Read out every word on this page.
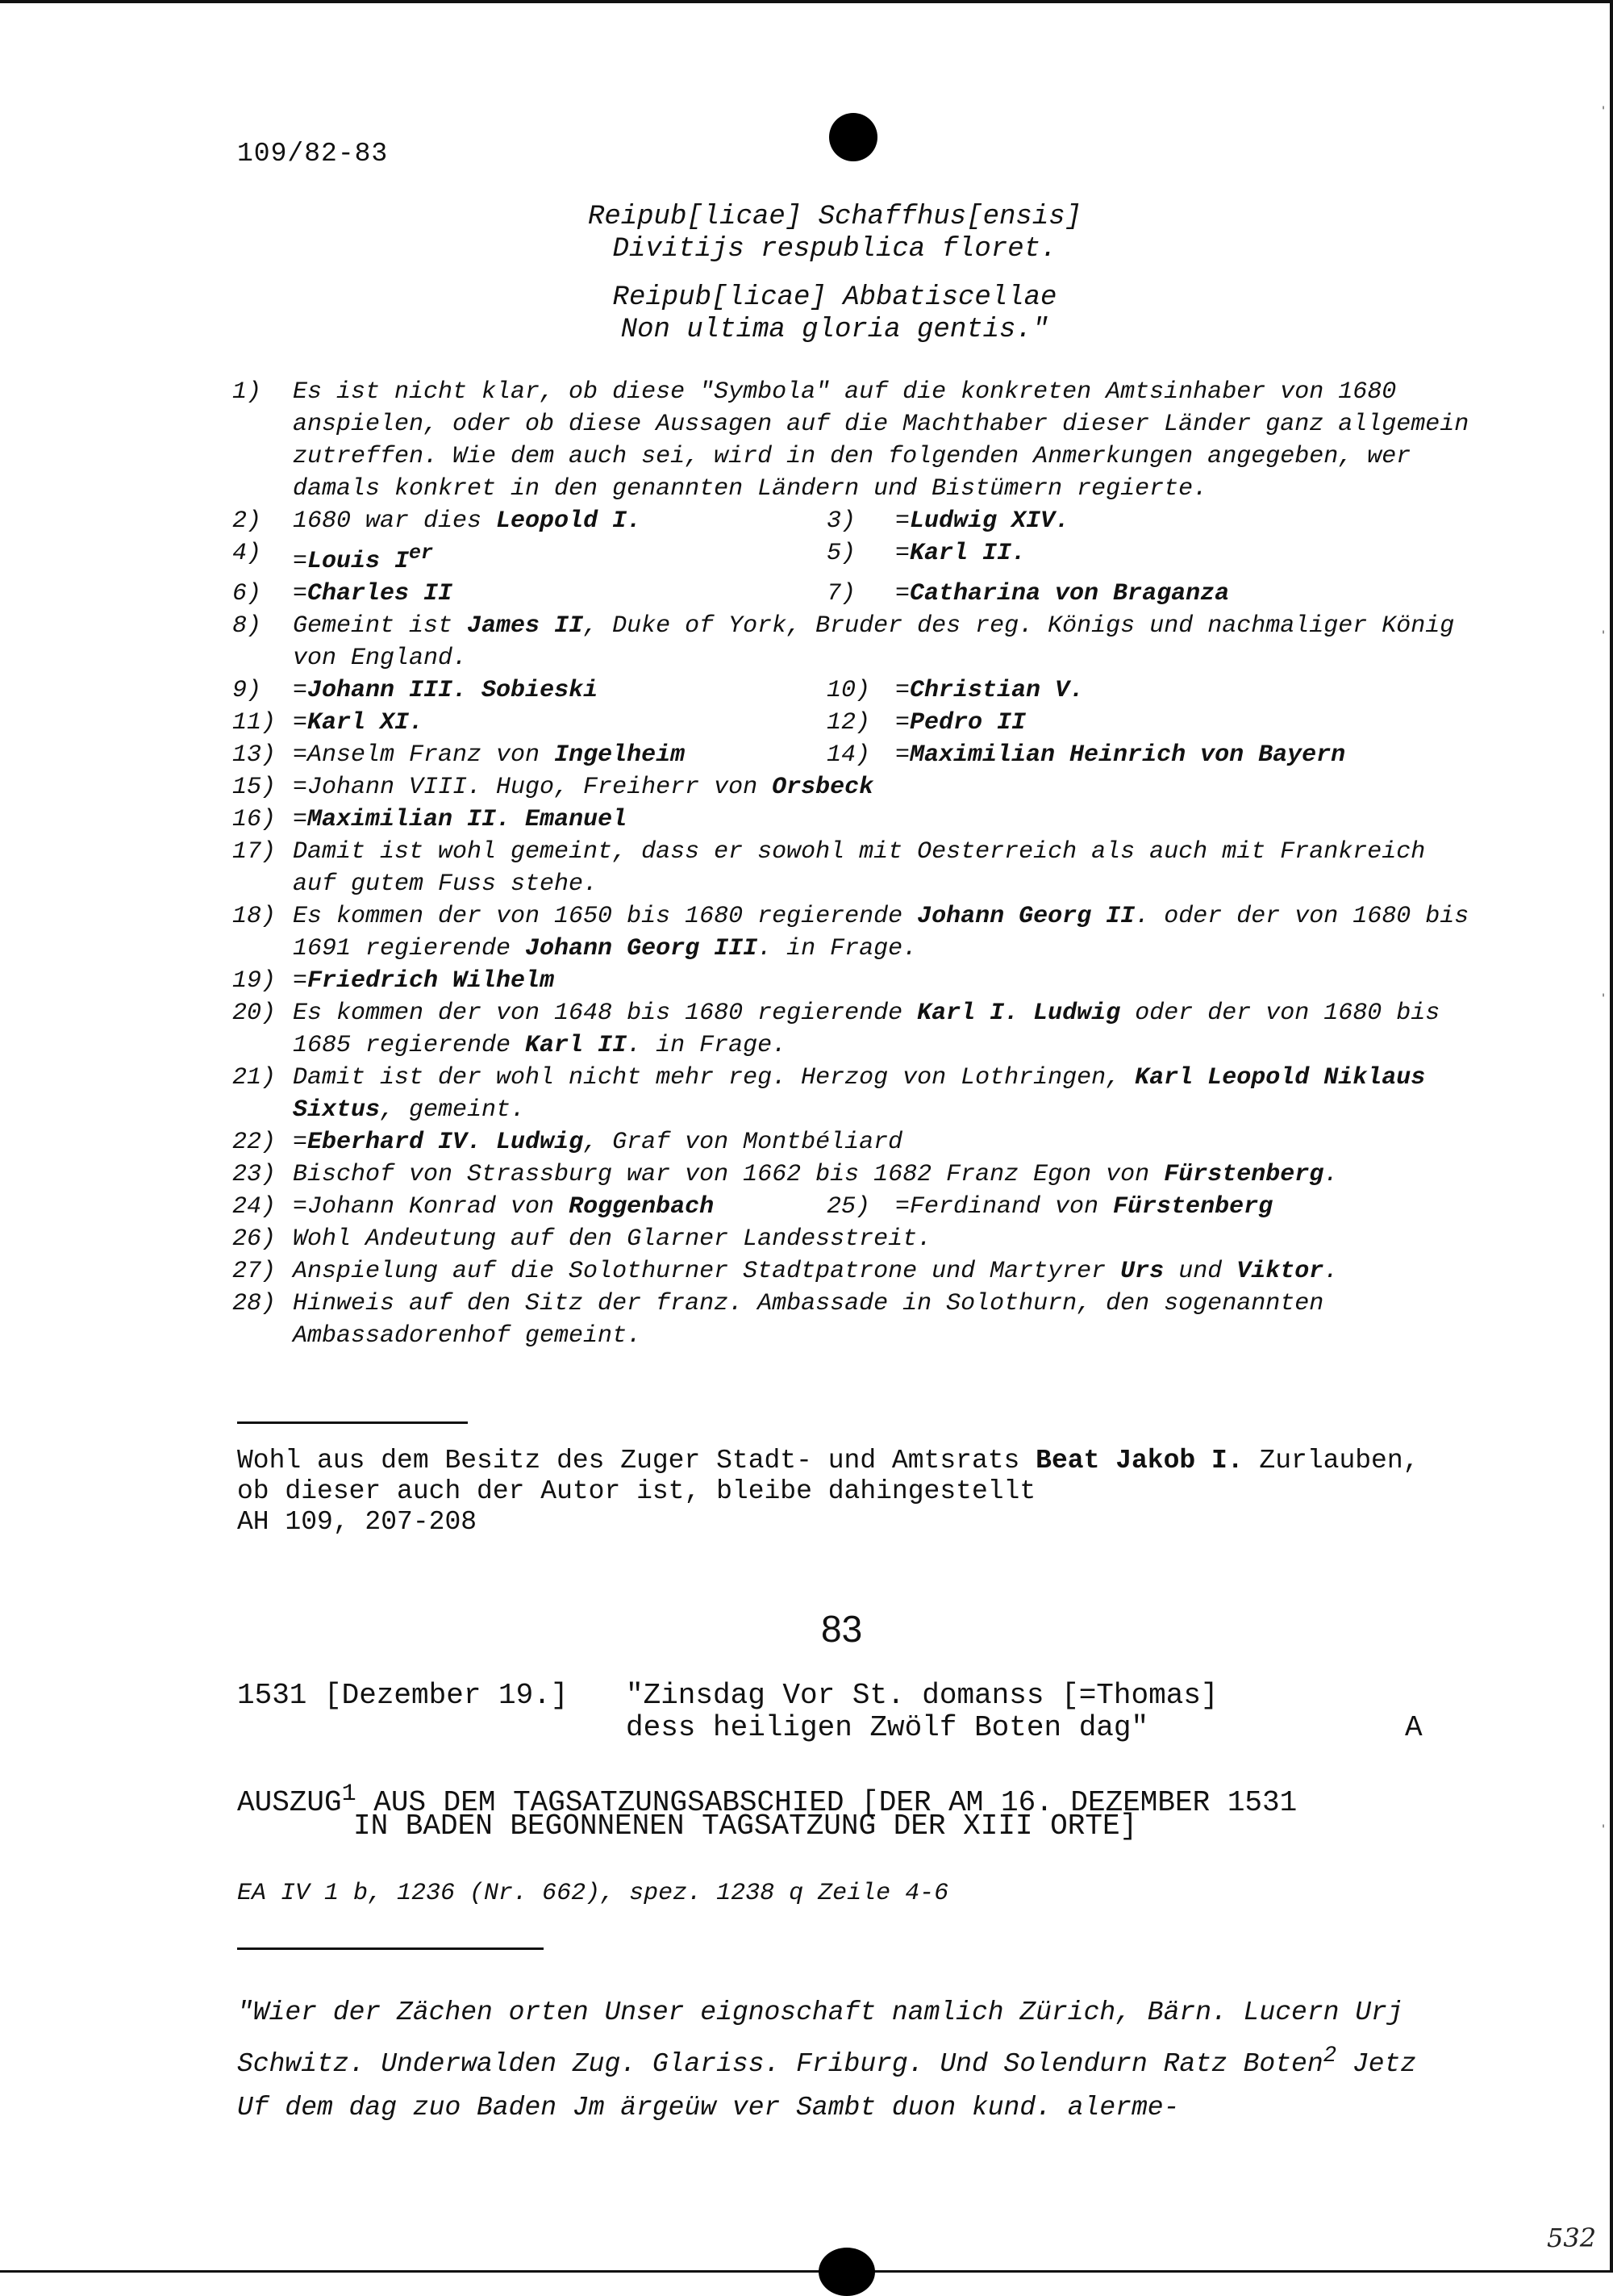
109/82-83
Reipub[licae] Schaffhus[ensis]
Divitijs respublica floret.
Reipub[licae] Abbatiscellae
Non ultima gloria gentis."
1)	Es ist nicht klar, ob diese "Symbola" auf die konkreten Amtsinhaber von 1680 anspielen, oder ob diese Aussagen auf die Machthaber dieser Länder ganz allgemein zutreffen. Wie dem auch sei, wird in den folgenden Anmerkungen angegeben, wer damals konkret in den genannten Ländern und Bistümern regierte.
2)	1680 war dies Leopold I.	3)	=Ludwig XIV.
4)	=Louis Ier	5)	=Karl II.
6)	=Charles II	7)	=Catharina von Braganza
8)	Gemeint ist James II, Duke of York, Bruder des reg. Königs und nachmaliger König von England.
9)	=Johann III. Sobieski	10)	=Christian V.
11) =Karl XI.	12)	=Pedro II
13) =Anselm Franz von Ingelheim	14)	=Maximilian Heinrich von Bayern
15) =Johann VIII. Hugo, Freiherr von Orsbeck
16) =Maximilian II. Emanuel
17) Damit ist wohl gemeint, dass er sowohl mit Oesterreich als auch mit Frankreich auf gutem Fuss stehe.
18) Es kommen der von 1650 bis 1680 regierende Johann Georg II. oder der von 1680 bis 1691 regierende Johann Georg III. in Frage.
19) =Friedrich Wilhelm
20) Es kommen der von 1648 bis 1680 regierende Karl I. Ludwig oder der von 1680 bis 1685 regierende Karl II. in Frage.
21) Damit ist der wohl nicht mehr reg. Herzog von Lothringen, Karl Leopold Niklaus Sixtus, gemeint.
22) =Eberhard IV. Ludwig, Graf von Montbéliard
23) Bischof von Strassburg war von 1662 bis 1682 Franz Egon von Fürstenberg.
24) =Johann Konrad von Roggenbach	25)	=Ferdinand von Fürstenberg
26) Wohl Andeutung auf den Glarner Landesstreit.
27) Anspielung auf die Solothurner Stadtpatrone und Martyrer Urs und Viktor.
28) Hinweis auf den Sitz der franz. Ambassade in Solothurn, den sogenannten Ambassadorenhof gemeint.
Wohl aus dem Besitz des Zuger Stadt- und Amtsrats Beat Jakob I. Zurlauben, ob dieser auch der Autor ist, bleibe dahingestellt
AH 109, 207-208
83
1531 [Dezember 19.] "Zinsdag Vor St. domanss [=Thomas]
dess heiligen Zwölf Boten dag"	A
AUSZUG$^1$ AUS DEM TAGSATZUNGSABSCHIED [DER AM 16. DEZEMBER 1531
IN BADEN BEGONNENEN TAGSATZUNG DER XIII ORTE]
EA IV 1 b, 1236 (Nr. 662), spez. 1238 q Zeile 4-6
"Wier der Zächen orten Unser eignoschaft namlich Zürich, Bärn. Lucern Urj Schwitz. Underwalden Zug. Glariss. Friburg. Und Solendurn Ratz Boten$^2$ Jetz Uf dem dag zuo Baden Jm ärgeüw ver Sambt duon kund. alerme-
'
'
'
'
532
